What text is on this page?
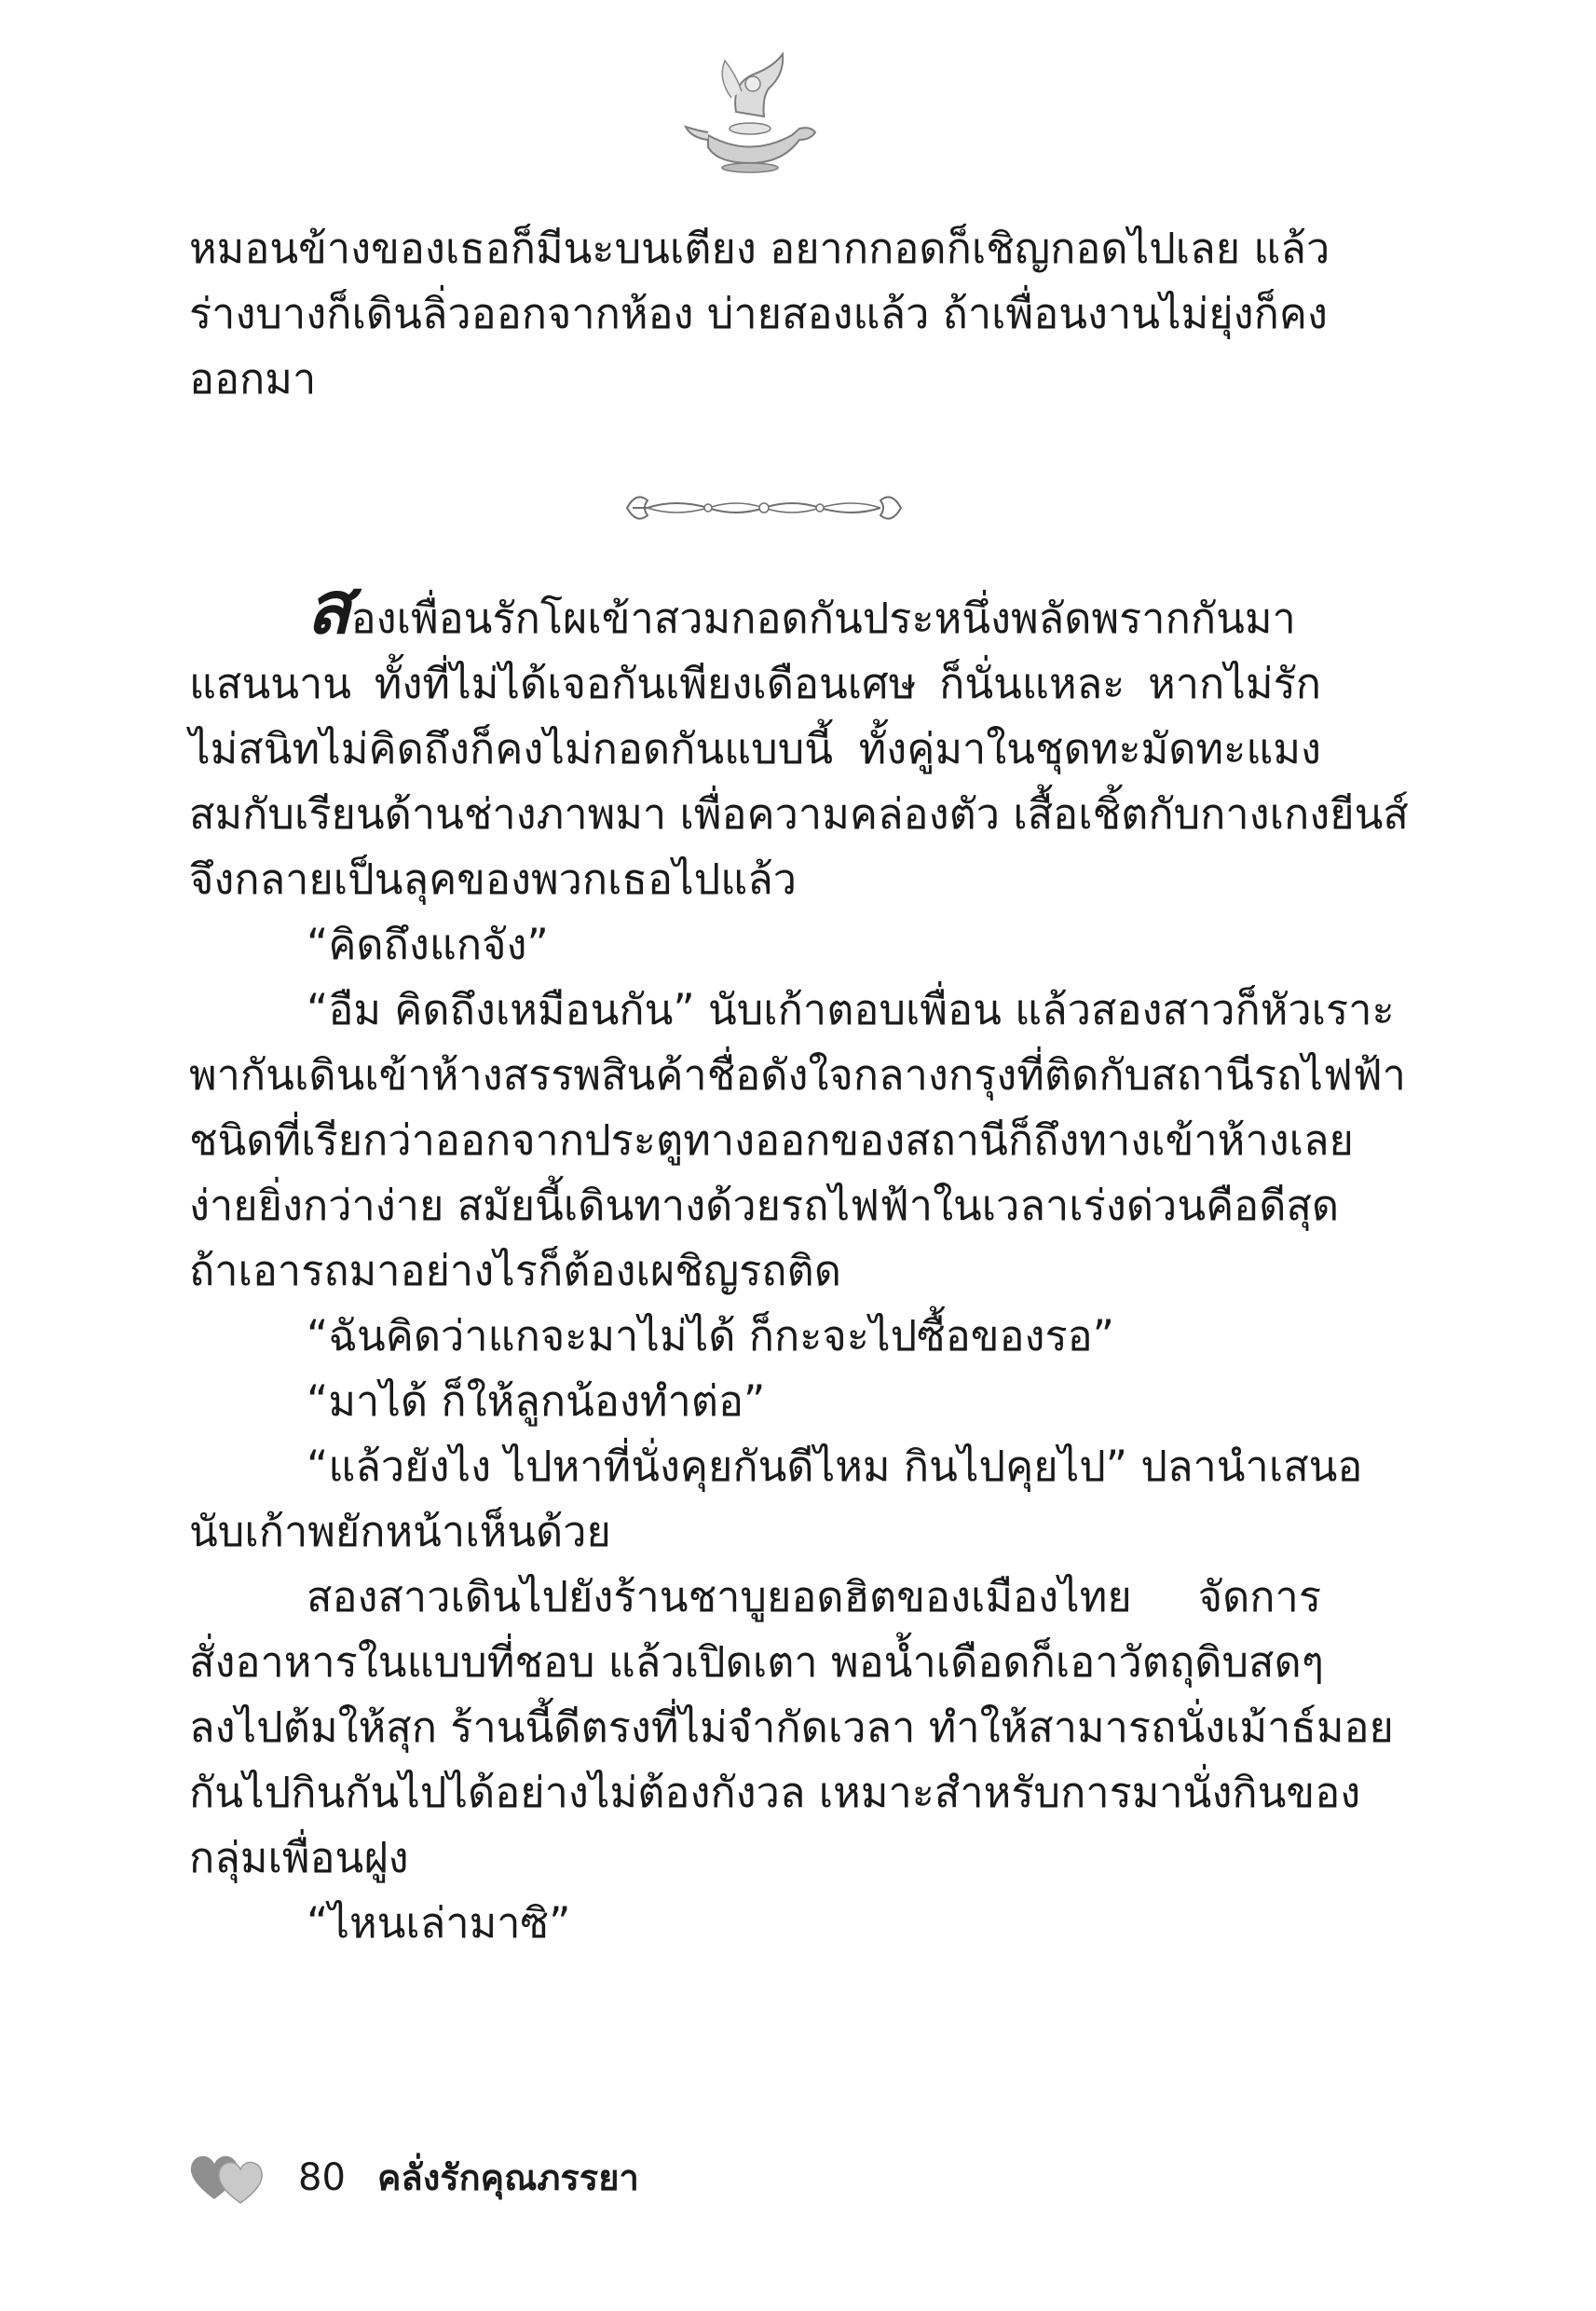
หมอนข้างของเธอก็มีนะบนเตียง อยากกอดก็เชิญกอดไปเลย แล้ว

ร่างบางก็เดินลิ่วออกจากห้อง บ่ายสองแล้ว ถ้าเพื่อนงานไม่ยุ่งก็คง

ออกมา

สองเพื่อนรักโผเข้าสวมกอดกันประหนึ่งพลัดพรากกันมา

แสนนาน ทั้งที่ไม่ได้เจอกันเพียงเดือนเศษ ก็นั่นแหละ หากไม่รัก

ไม่สนิทไม่คิดถึงก็คงไม่กอดกันแบบนี้ ทั้งคู่มาในชุดทะมัดทะแมง

สมกับเรียนด้านช่างภาพมา เพื่อความคล่องตัว เสื้อเชิ้ตกับกางเกงยีนส์

จึงกลายเป็นลุคของพวกเธอไปแล้ว

“คิดถึงแกจัง”

“อืม คิดถึงเหมือนกัน” นับเก้าตอบเพื่อน แล้วสองสาวก็หัวเราะ

พากันเดินเข้าห้างสรรพสินค้าชื่อดังใจกลางกรุงที่ติดกับสถานีรถไฟฟ้า

ชนิดที่เรียกว่าออกจากประตูทางออกของสถานีก็ถึงทางเข้าห้างเลย

ง่ายยิ่งกว่าง่าย สมัยนี้เดินทางด้วยรถไฟฟ้าในเวลาเร่งด่วนคือดีสุด

ถ้าเอารถมาอย่างไรก็ต้องเผชิญรถติด

“ฉันคิดว่าแกจะมาไม่ได้ ก็กะจะไปซื้อของรอ”

“มาได้ ก็ให้ลูกน้องทำต่อ”

“แล้วยังไง ไปหาที่นั่งคุยกันดีไหม กินไปคุยไป” ปลานำเสนอ

นับเก้าพยักหน้าเห็นด้วย

สองสาวเดินไปยังร้านชาบูยอดฮิตของเมืองไทย จัดการ

สั่งอาหารในแบบที่ชอบ แล้วเปิดเตา พอน้ำเดือดก็เอาวัตถุดิบสดๆ

ลงไปต้มให้สุก ร้านนี้ดีตรงที่ไม่จำกัดเวลา ทำให้สามารถนั่งเม้าธ์มอย

กันไปกินกันไปได้อย่างไม่ต้องกังวล เหมาะสำหรับการมานั่งกินของ

กลุ่มเพื่อนฝูง

“ไหนเล่ามาซิ”

80 คลั่งรักคุณภรรยา
